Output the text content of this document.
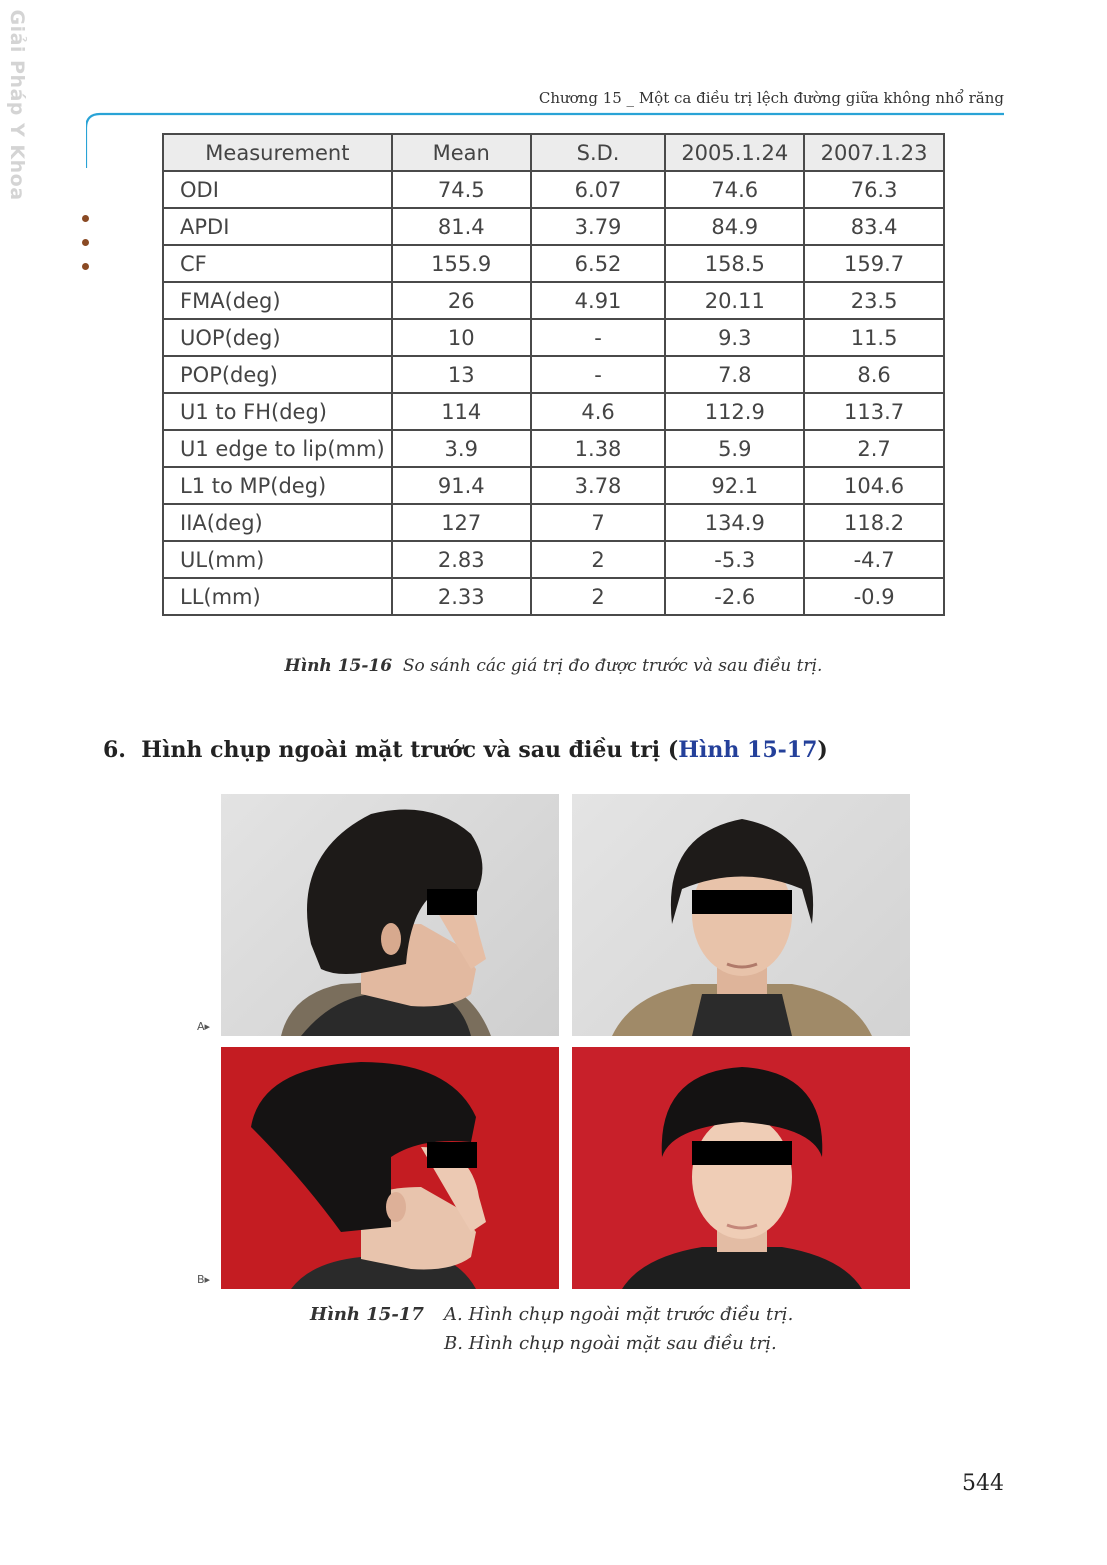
Giải Pháp Y Khoa	Chương 15 _ Một ca điều trị lệch đường giữa không nhổ răng
Measurement	Mean	S.D.	2005.1.24	2007.1.23
ODI	74.5	6.07	74.6	76.3
APDI	81.4	3.79	84.9	83.4
CF	155.9	6.52	158.5	159.7
FMA(deg)	26	4.91	20.11	23.5
UOP(deg)	10	-	9.3	11.5
POP(deg)	13	-	7.8	8.6
U1 to FH(deg)	114	4.6	112.9	113.7
U1 edge to lip(mm)	3.9	1.38	5.9	2.7
L1 to MP(deg)	91.4	3.78	92.1	104.6
IIA(deg)	127	7	134.9	118.2
UL(mm)	2.83	2	-5.3	-4.7
LL(mm)	2.33	2	-2.6	-0.9
Hình 15-16 So sánh các giá trị đo được trước và sau điều trị.
6. Hình chụp ngoài mặt trước và sau điều trị (Hình 15-17)
A▸
B▸
Hình 15-17 A. Hình chụp ngoài mặt trước điều trị.
B. Hình chụp ngoài mặt sau điều trị.
544
